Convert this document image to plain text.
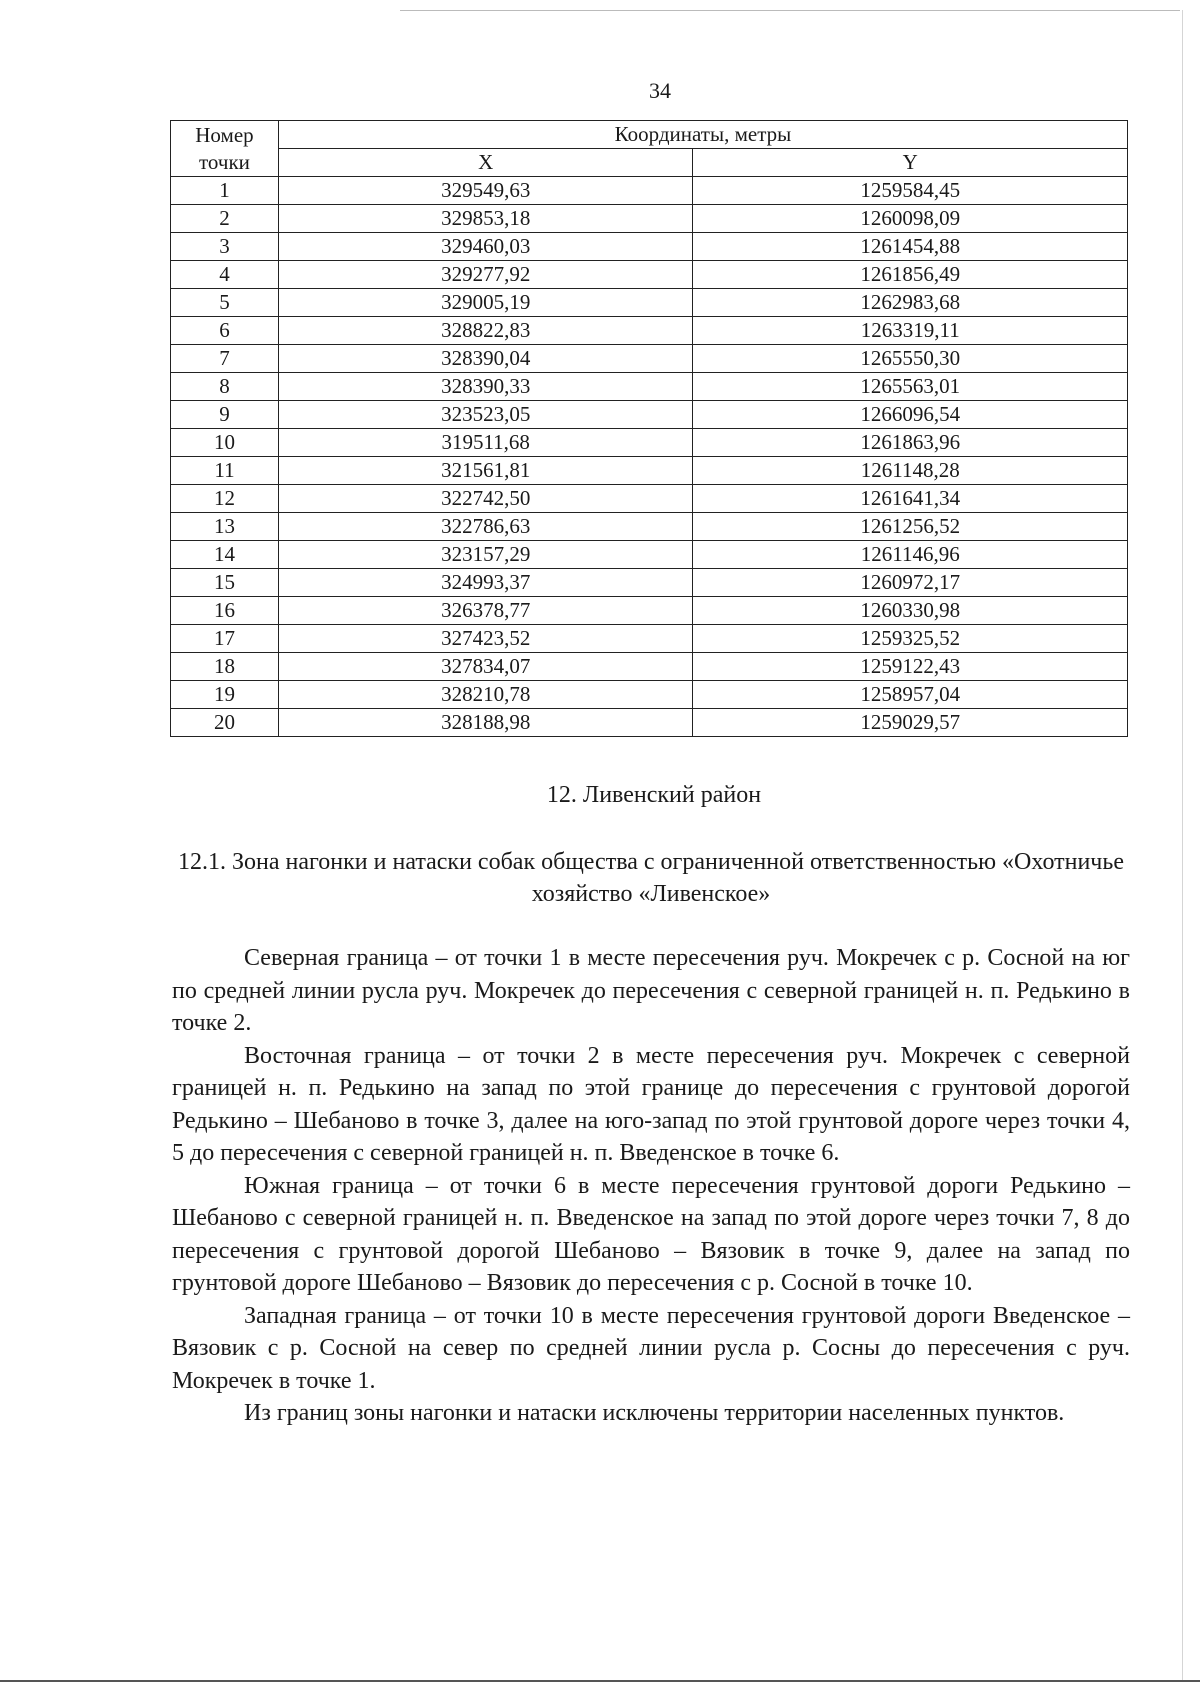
34
Номер точки	Координаты, метры	
	X	Y
1	329549,63	1259584,45
2	329853,18	1260098,09
3	329460,03	1261454,88
4	329277,92	1261856,49
5	329005,19	1262983,68
6	328822,83	1263319,11
7	328390,04	1265550,30
8	328390,33	1265563,01
9	323523,05	1266096,54
10	319511,68	1261863,96
11	321561,81	1261148,28
12	322742,50	1261641,34
13	322786,63	1261256,52
14	323157,29	1261146,96
15	324993,37	1260972,17
16	326378,77	1260330,98
17	327423,52	1259325,52
18	327834,07	1259122,43
19	328210,78	1258957,04
20	328188,98	1259029,57
12. Ливенский район
12.1. Зона нагонки и натаски собак общества с ограниченной ответственностью «Охотничье хозяйство «Ливенское»

Северная граница – от точки 1 в месте пересечения руч. Мокречек с р. Сосной на юг по средней линии русла руч. Мокречек до пересечения с северной границей н. п. Редькино в точке 2.

Восточная граница – от точки 2 в месте пересечения руч. Мокречек с северной границей н. п. Редькино на запад по этой границе до пересечения с грунтовой дорогой Редькино – Шебаново в точке 3, далее на юго-запад по этой грунтовой дороге через точки 4, 5 до пересечения с северной границей н. п. Введенское в точке 6.

Южная граница – от точки 6 в месте пересечения грунтовой дороги Редькино – Шебаново с северной границей н. п. Введенское на запад по этой дороге через точки 7, 8 до пересечения с грунтовой дорогой Шебаново – Вязовик в точке 9, далее на запад по грунтовой дороге Шебаново – Вязовик до пересечения с р. Сосной в точке 10.

Западная граница – от точки 10 в месте пересечения грунтовой дороги Введенское – Вязовик с р. Сосной на север по средней линии русла р. Сосны до пересечения с руч. Мокречек в точке 1.

Из границ зоны нагонки и натаски исключены территории населенных пунктов.
